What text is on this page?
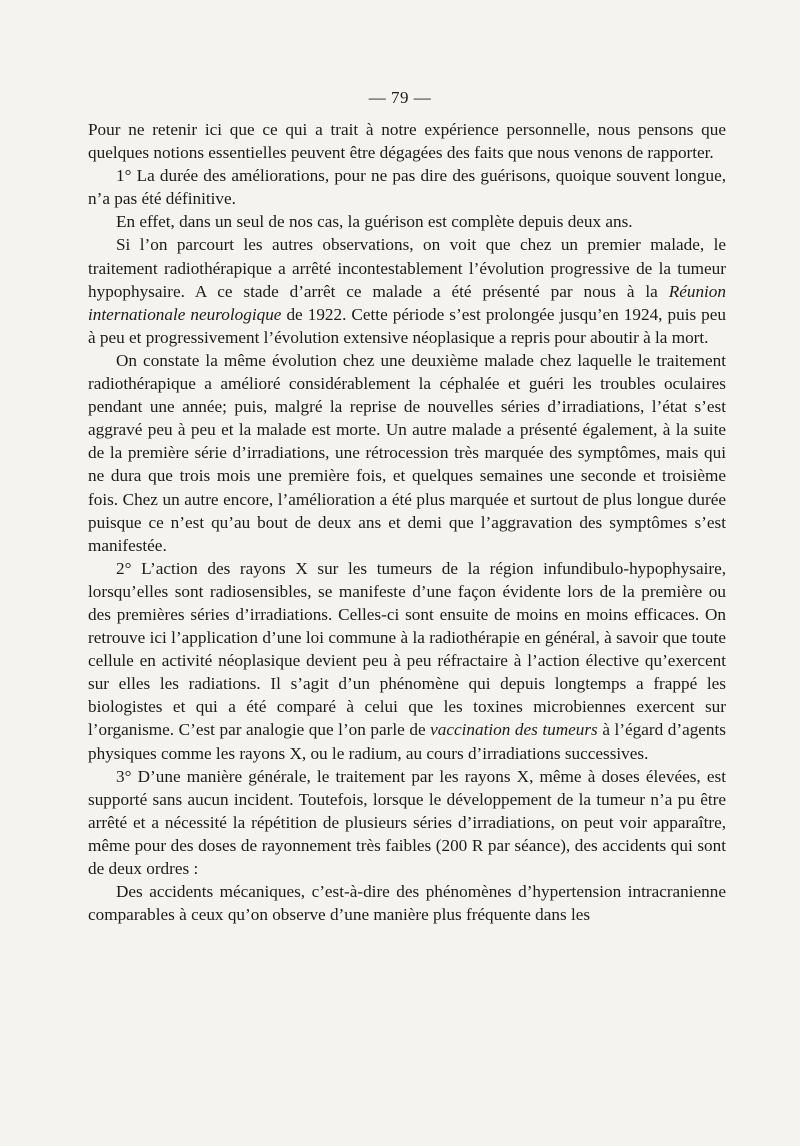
— 79 —

Pour ne retenir ici que ce qui a trait à notre expérience personnelle, nous pensons que quelques notions essentielles peuvent être dégagées des faits que nous venons de rapporter.

1° La durée des améliorations, pour ne pas dire des guérisons, quoique souvent longue, n’a pas été définitive.

En effet, dans un seul de nos cas, la guérison est complète depuis deux ans.

Si l’on parcourt les autres observations, on voit que chez un premier malade, le traitement radiothérapique a arrêté incontestablement l’évolution progressive de la tumeur hypophysaire. A ce stade d’arrêt ce malade a été présenté par nous à la Réunion internationale neurologique de 1922. Cette période s’est prolongée jusqu’en 1924, puis peu à peu et progressivement l’évolution extensive néoplasique a repris pour aboutir à la mort.

On constate la même évolution chez une deuxième malade chez laquelle le traitement radiothérapique a amélioré considérablement la céphalée et guéri les troubles oculaires pendant une année; puis, malgré la reprise de nouvelles séries d’irradiations, l’état s’est aggravé peu à peu et la malade est morte. Un autre malade a présenté également, à la suite de la première série d’irradiations, une rétrocession très marquée des symptômes, mais qui ne dura que trois mois une première fois, et quelques semaines une seconde et troisième fois. Chez un autre encore, l’amélioration a été plus marquée et surtout de plus longue durée puisque ce n’est qu’au bout de deux ans et demi que l’aggravation des symptômes s’est manifestée.

2° L’action des rayons X sur les tumeurs de la région infundibulo-hypophysaire, lorsqu’elles sont radiosensibles, se manifeste d’une façon évidente lors de la première ou des premières séries d’irradiations. Celles-ci sont ensuite de moins en moins efficaces. On retrouve ici l’application d’une loi commune à la radiothérapie en général, à savoir que toute cellule en activité néoplasique devient peu à peu réfractaire à l’action élective qu’exercent sur elles les radiations. Il s’agit d’un phénomène qui depuis longtemps a frappé les biologistes et qui a été comparé à celui que les toxines microbiennes exercent sur l’organisme. C’est par analogie que l’on parle de vaccination des tumeurs à l’égard d’agents physiques comme les rayons X, ou le radium, au cours d’irradiations successives.

3° D’une manière générale, le traitement par les rayons X, même à doses élevées, est supporté sans aucun incident. Toutefois, lorsque le développement de la tumeur n’a pu être arrêté et a nécessité la répétition de plusieurs séries d’irradiations, on peut voir apparaître, même pour des doses de rayonnement très faibles (200 R par séance), des accidents qui sont de deux ordres :

Des accidents mécaniques, c’est-à-dire des phénomènes d’hypertension intracranienne comparables à ceux qu’on observe d’une manière plus fréquente dans les
